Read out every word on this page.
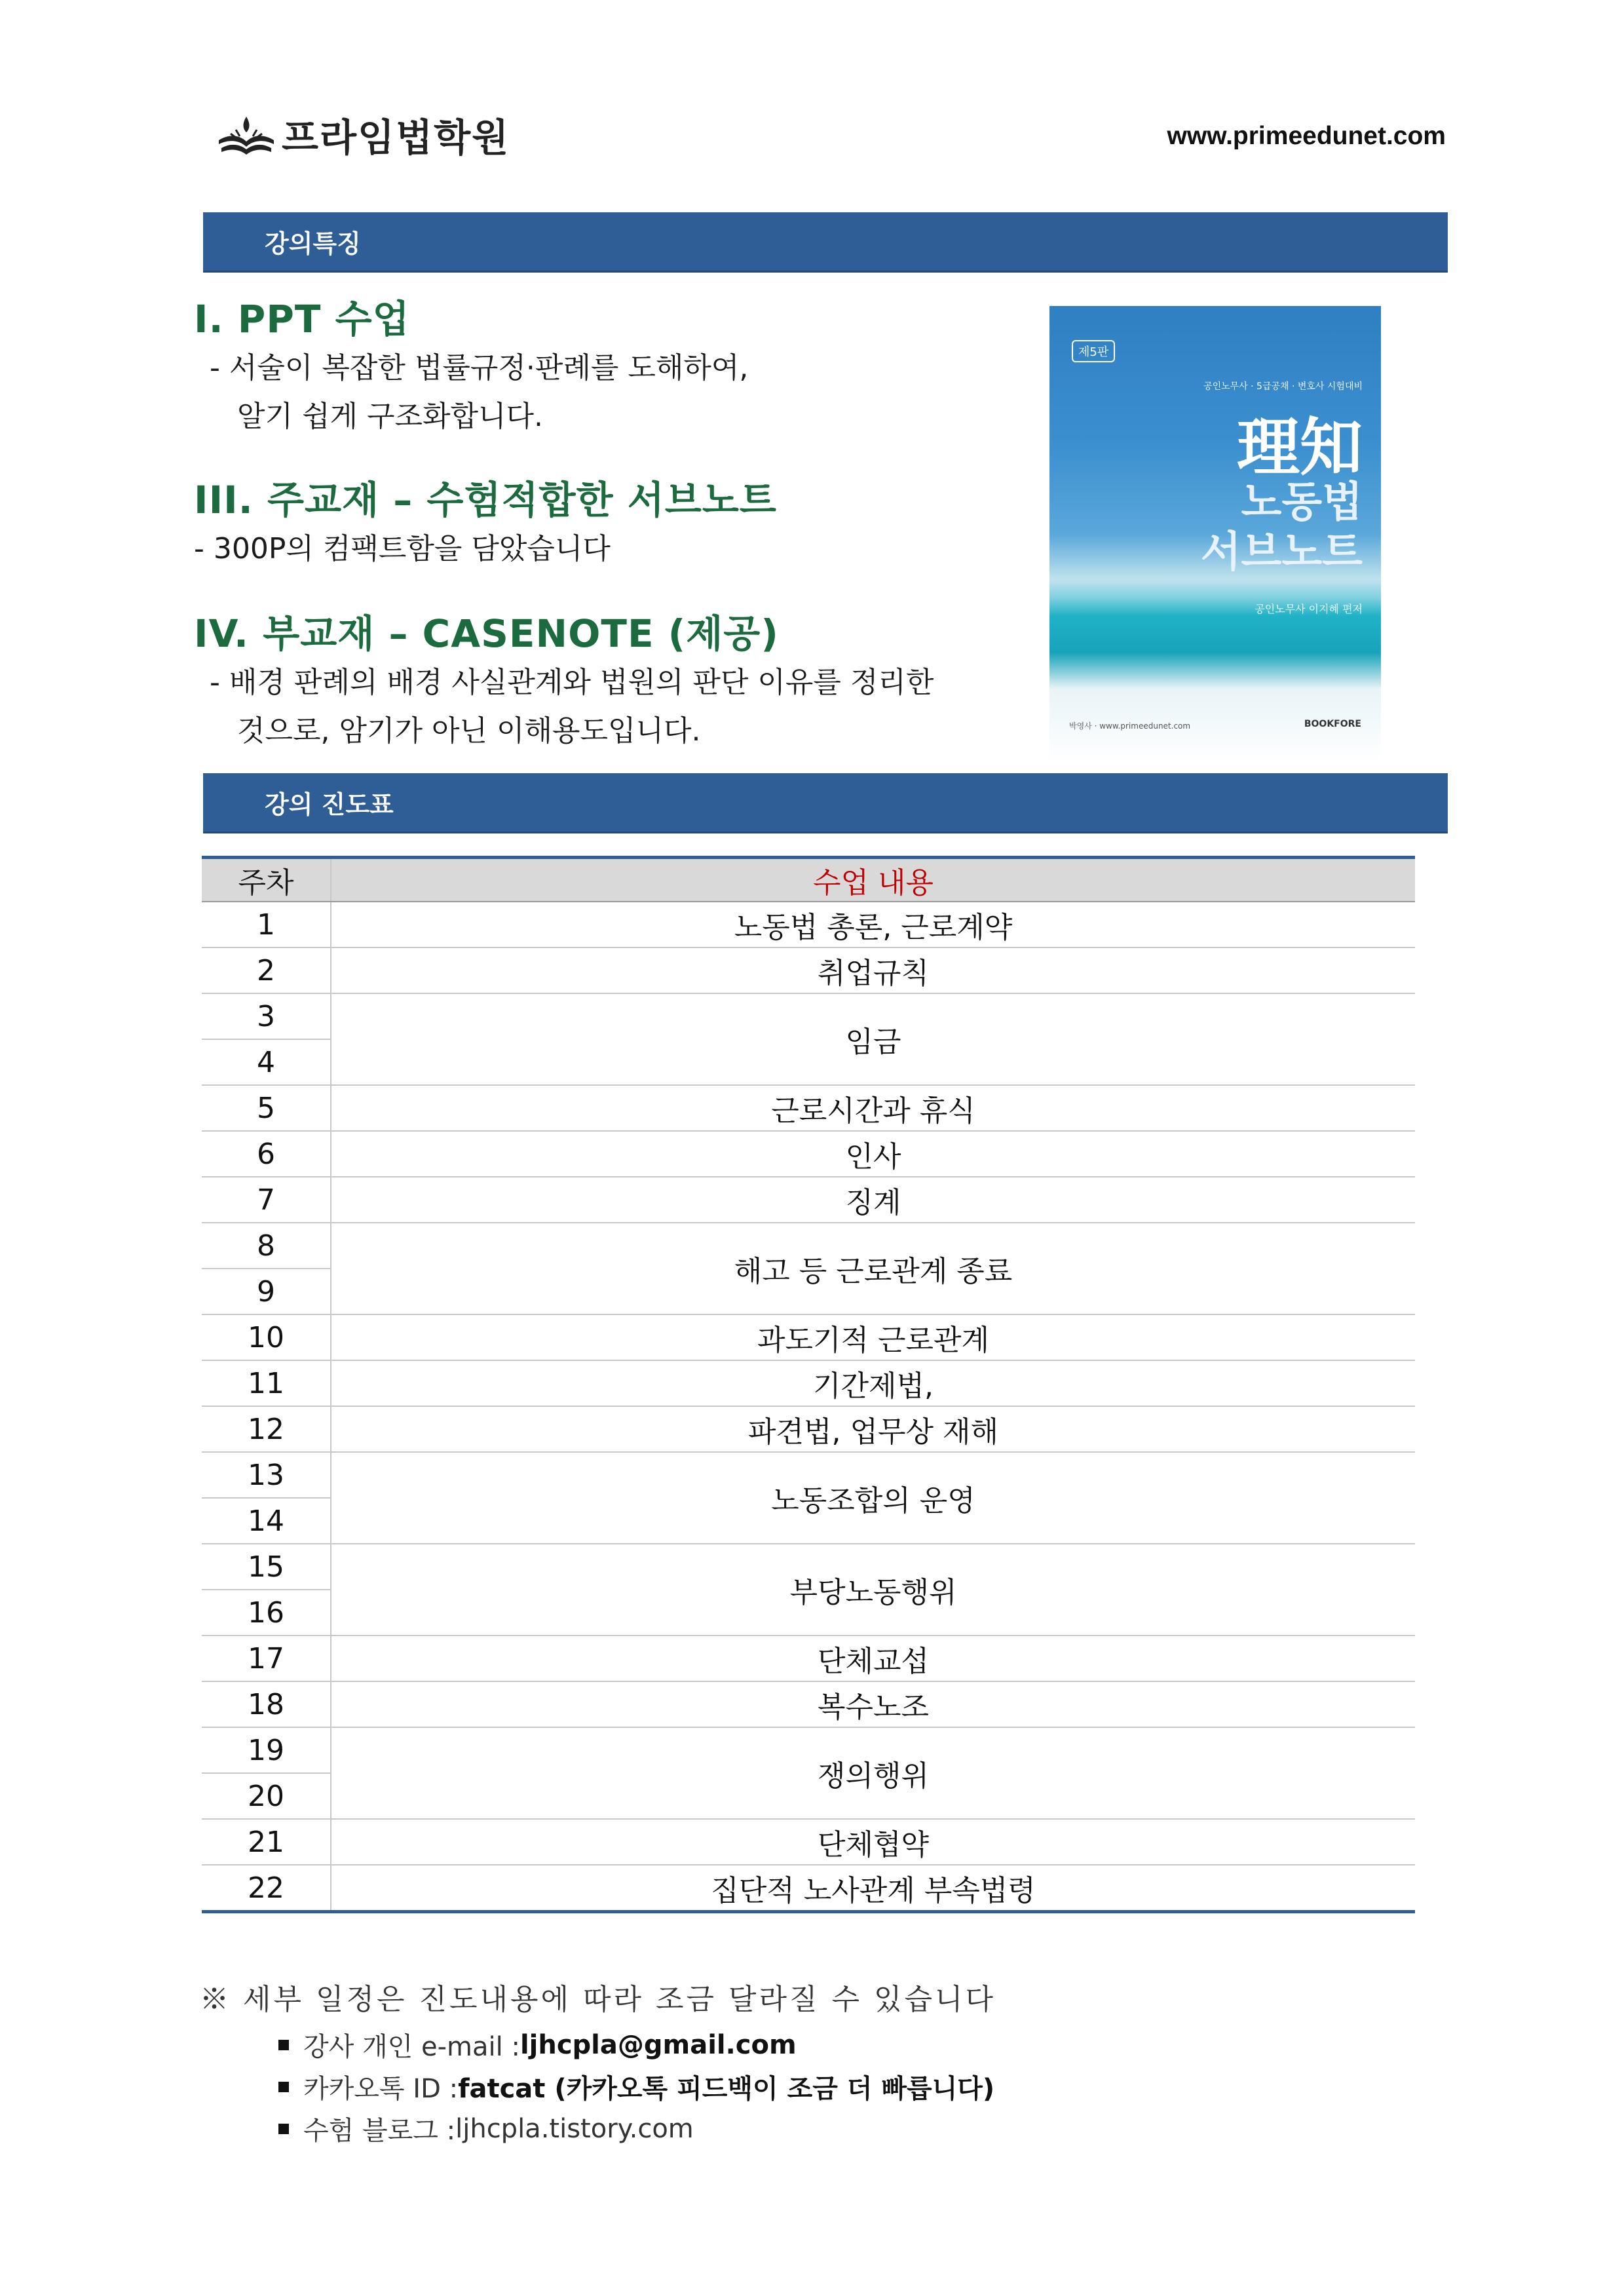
프라임법학원	www.primeedunet.com
강의특징
I. PPT 수업
- 서술이 복잡한 법률규정·판례를 도해하여,
알기 쉽게 구조화합니다.
III. 주교재 – 수험적합한 서브노트
- 300P의 컴팩트함을 담았습니다
IV. 부교재 – CASENOTE (제공)
- 배경 판례의 배경 사실관계와 법원의 판단 이유를 정리한
것으로, 암기가 아닌 이해용도입니다.
제5판
공인노무사 · 5급공채 · 변호사 시험대비
理知
노동법
서브노트
공인노무사 이지혜 편저
박영사 · www.primeedunet.com	BOOKFORE
강의 진도표
주차	수업 내용
1	노동법 총론, 근로계약
2	취업규칙
3	임금
4	
5	근로시간과 휴식
6	인사
7	징계
8	해고 등 근로관계 종료
9	
10	과도기적 근로관계
11	기간제법,
12	파견법, 업무상 재해
13	노동조합의 운영
14	
15	부당노동행위
16	
17	단체교섭
18	복수노조
19	쟁의행위
20	
21	단체협약
22	집단적 노사관계 부속법령
※ 세부 일정은 진도내용에 따라 조금 달라질 수 있습니다
강사 개인 e-mail : ljhcpla@gmail.com
카카오톡 ID : fatcat (카카오톡 피드백이 조금 더 빠릅니다)
수험 블로그 : ljhcpla.tistory.com
